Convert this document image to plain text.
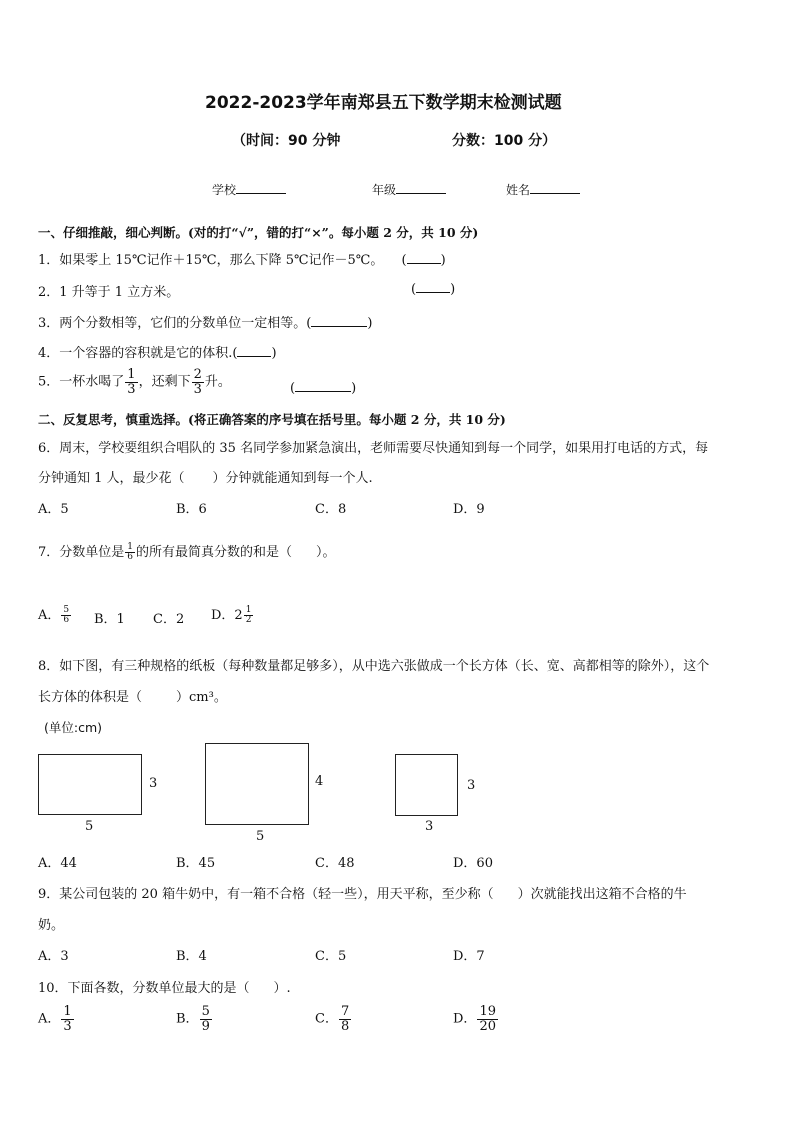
2022-2023学年南郑县五下数学期末检测试题
（时间：90 分钟	分数：100 分）
学校	年级	姓名
一、仔细推敲，细心判断。(对的打“√”，错的打“×”。每小题 2 分，共 10 分)
1．如果零上 15℃记作＋15℃，那么下降 5℃记作－5℃。 (	)
2．1 升等于 1 立方米。	(	)
3．两个分数相等，它们的分数单位一定相等。(	)
4．一个容器的容积就是它的体积.(	)
5．一杯水喝了 $\frac{1}{3}$ ，还剩下 $\frac{2}{3}$ 升。	(	)
二、反复思考，慎重选择。(将正确答案的序号填在括号里。每小题 2 分，共 10 分)
6．周末，学校要组织合唱队的 35 名同学参加紧急演出，老师需要尽快通知到每一个同学，如果用打电话的方式，每
分钟通知 1 人，最少花（ ）分钟就能通知到每一个人.
A．5	B．6	C．8	D．9
7．分数单位是 $\frac{1}{6}$ 的所有最简真分数的和是（ ）。
A． $\frac{5}{6}$ B．1 C．2 D．$2 \frac{1}{2}$
8．如下图，有三种规格的纸板（每种数量都足够多），从中选六张做成一个长方体（长、宽、高都相等的除外），这个
长方体的体积是（	）cm³。
(单位:cm)
3
5
4
5
3
3
A．44	B．45	C．48	D．60
9．某公司包装的 20 箱牛奶中，有一箱不合格（轻一些），用天平称，至少称（ ）次就能找出这箱不合格的牛
奶。
A．3	B．4	C．5	D．7
10．下面各数，分数单位最大的是（ ）.
A． $\frac{1}{3}$	B． $\frac{5}{9}$	C． $\frac{7}{8}$	D． $\frac{19}{20}$
